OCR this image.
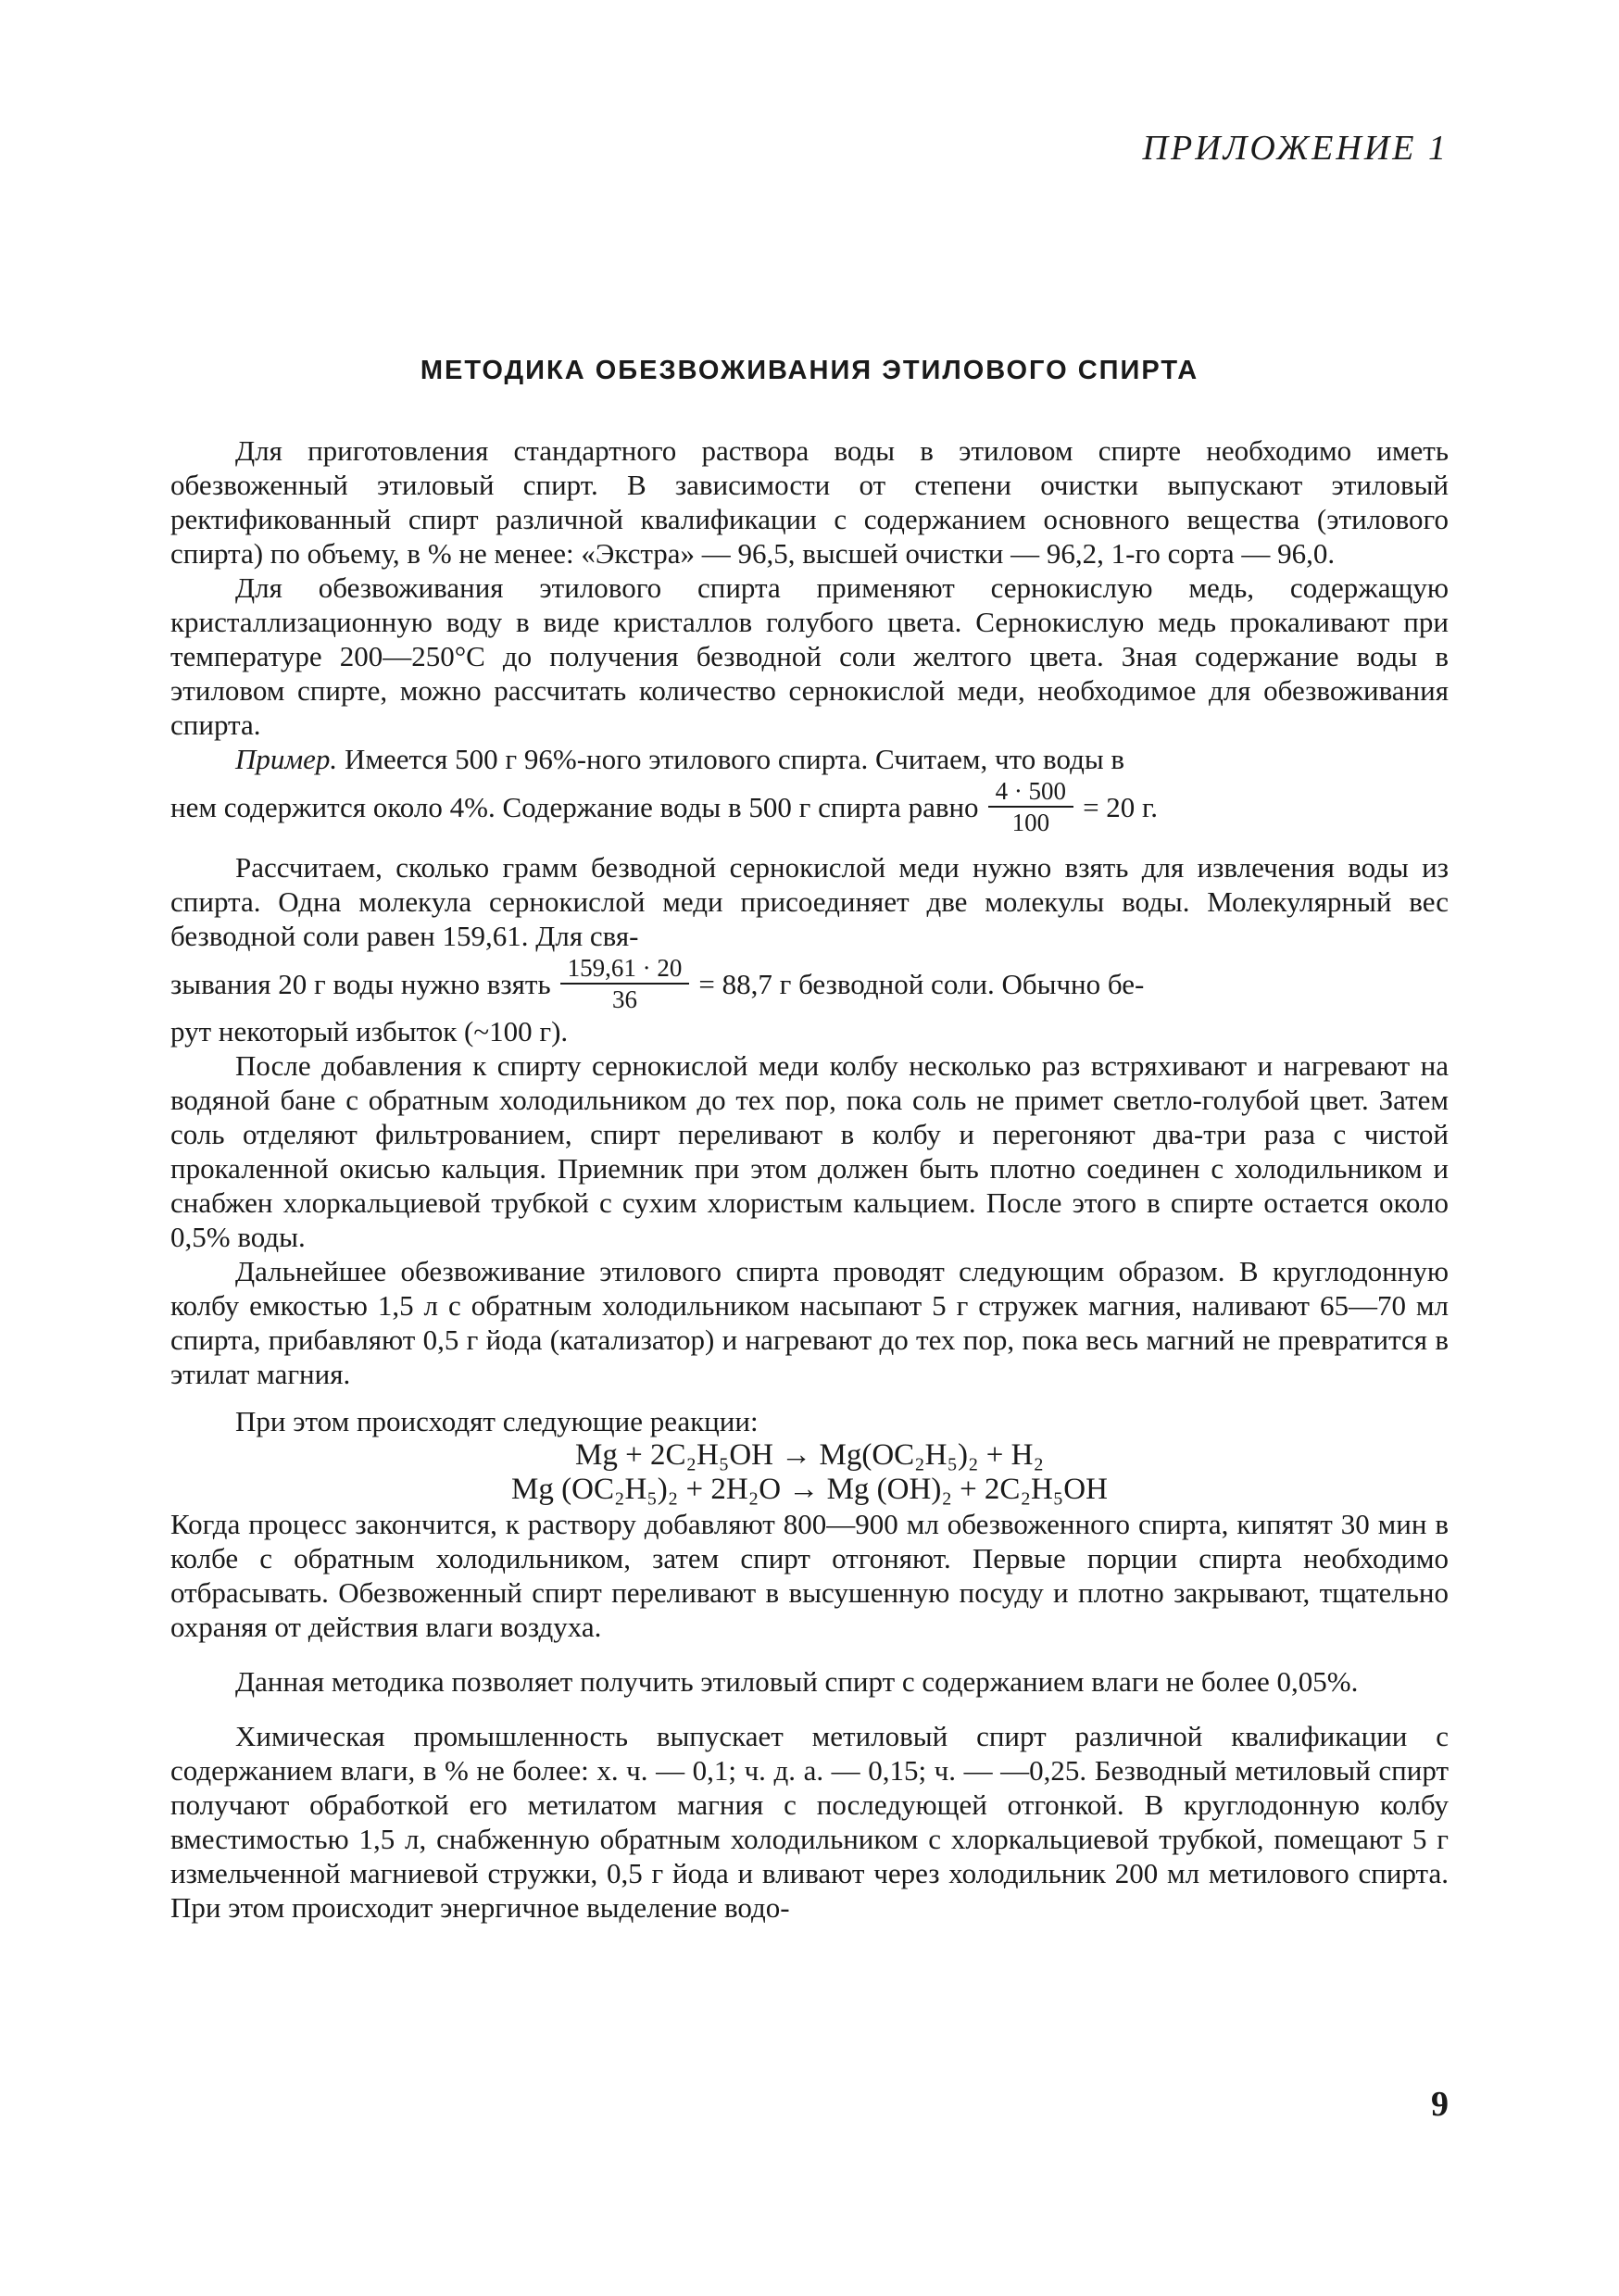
ПРИЛОЖЕНИЕ 1
МЕТОДИКА ОБЕЗВОЖИВАНИЯ ЭТИЛОВОГО СПИРТА

Для приготовления стандартного раствора воды в этиловом спирте необходимо иметь обезвоженный этиловый спирт. В зависимости от степени очистки выпускают этиловый ректификованный спирт различной квалификации с содержанием основного вещества (этилового спирта) по объему, в % не менее: «Экстра» — 96,5, высшей очистки — 96,2, 1-го сорта — 96,0.

Для обезвоживания этилового спирта применяют сернокислую медь, содержащую кристаллизационную воду в виде кристаллов голубого цвета. Сернокислую медь прокаливают при температуре 200—250°С до получения безводной соли желтого цвета. Зная содержание воды в этиловом спирте, можно рассчитать количество сернокислой меди, необходимое для обезвоживания спирта.

Пример. Имеется 500 г 96%-ного этилового спирта. Считаем, что воды в

нем содержится около 4%. Содержание воды в 500 г спирта равно $\frac{4 \cdot 500}{100} = 20$ г.

Рассчитаем, сколько грамм безводной сернокислой меди нужно взять для извлечения воды из спирта. Одна молекула сернокислой меди присоединяет две молекулы воды. Молекулярный вес безводной соли равен 159,61. Для свя-

зывания 20 г воды нужно взять $\frac{159,61 \cdot 20}{36} = 88,7$ г безводной соли. Обычно бе-

рут некоторый избыток (~100 г).

После добавления к спирту сернокислой меди колбу несколько раз встряхивают и нагревают на водяной бане с обратным холодильником до тех пор, пока соль не примет светло-голубой цвет. Затем соль отделяют фильтрованием, спирт переливают в колбу и перегоняют два-три раза с чистой прокаленной окисью кальция. Приемник при этом должен быть плотно соединен с холодильником и снабжен хлоркальциевой трубкой с сухим хлористым кальцием. После этого в спирте остается около 0,5% воды.

Дальнейшее обезвоживание этилового спирта проводят следующим образом. В круглодонную колбу емкостью 1,5 л с обратным холодильником насыпают 5 г стружек магния, наливают 65—70 мл спирта, прибавляют 0,5 г йода (катализатор) и нагревают до тех пор, пока весь магний не превратится в этилат магния.

При этом происходят следующие реакции:

Mg + 2C₂H₅OH → Mg(OC₂H₅)₂ + H₂

Mg (OC₂H₅)₂ + 2H₂O → Mg (OH)₂ + 2C₂H₅OH

Когда процесс закончится, к раствору добавляют 800—900 мл обезвоженного спирта, кипятят 30 мин в колбе с обратным холодильником, затем спирт отгоняют. Первые порции спирта необходимо отбрасывать. Обезвоженный спирт переливают в высушенную посуду и плотно закрывают, тщательно охраняя от действия влаги воздуха.

Данная методика позволяет получить этиловый спирт с содержанием влаги не более 0,05%.

Химическая промышленность выпускает метиловый спирт различной квалификации с содержанием влаги, в % не более: х. ч. — 0,1; ч. д. а. — 0,15; ч. — —0,25. Безводный метиловый спирт получают обработкой его метилатом магния с последующей отгонкой. В круглодонную колбу вместимостью 1,5 л, снабженную обратным холодильником с хлоркальциевой трубкой, помещают 5 г измельченной магниевой стружки, 0,5 г йода и вливают через холодильник 200 мл метилового спирта. При этом происходит энергичное выделение водо-

9
